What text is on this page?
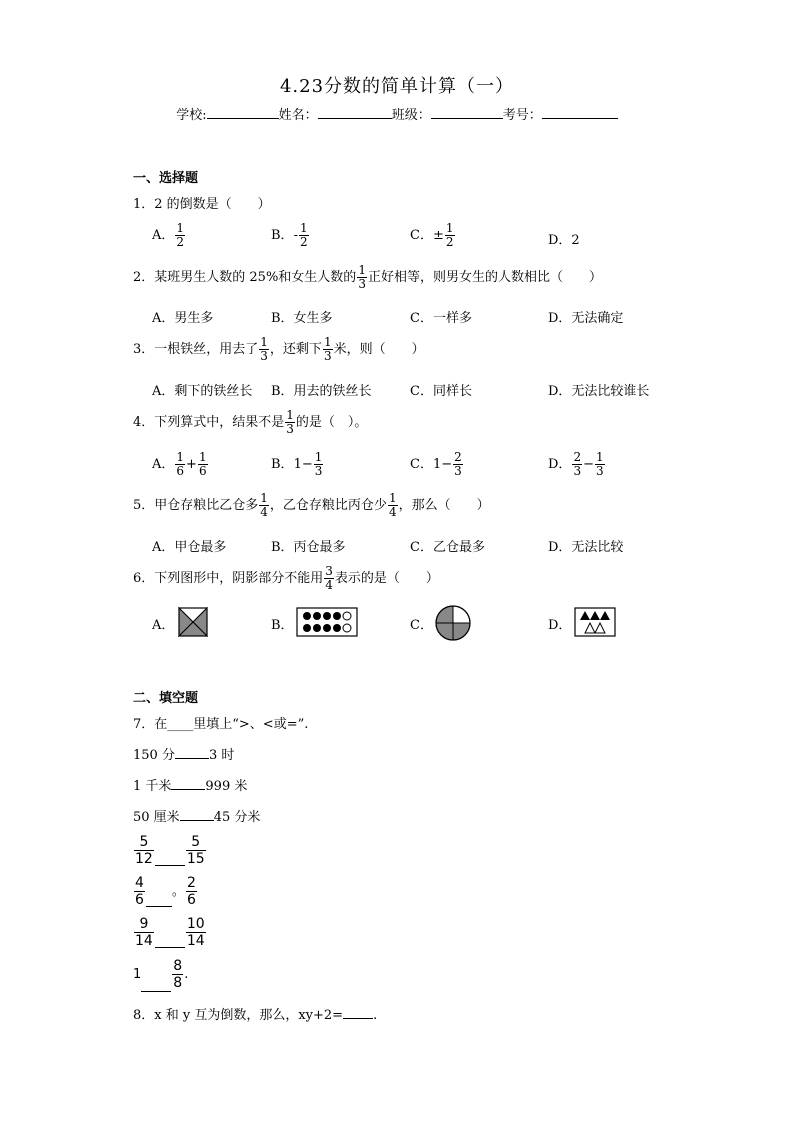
4.23分数的简单计算（一）
学校:	姓名：	班级：	考号：
一、选择题
1．2 的倒数是（　　）
A． $\frac{1}{2}$	B．- $\frac{1}{2}$	C．± $\frac{1}{2}$	D．2
2．某班男生人数的 25%和女生人数的 $\frac{1}{3}$ 正好相等，则男女生的人数相比（　　）
A．男生多	B．女生多	C．一样多	D．无法确定
3．一根铁丝，用去了 $\frac{1}{3}$ ，还剩下 $\frac{1}{3}$ 米，则（　　）
A．剩下的铁丝长 B．用去的铁丝长	C．同样长	D．无法比较谁长
4．下列算式中，结果不是 $\frac{1}{3}$ 的是（　）。
A． $\frac{1}{6} + \frac{1}{6}$	B．$1- \frac{1}{3}$	C．$1- \frac{2}{3}$	D． $\frac{2}{3} - \frac{1}{3}$
5．甲仓存粮比乙仓多 $\frac{1}{4}$ ，乙仓存粮比丙仓少 $\frac{1}{4}$ ，那么（　　）
A．甲仓最多	B．丙仓最多	C．乙仓最多	D．无法比较
6．下列图形中，阴影部分不能用 $\frac{3}{4}$ 表示的是（　　）
A．	B．	C．	D．
二、填空题
7．在____里填上“>、<或=”.
150 分	3 时
1 千米	999 米
50 厘米	45 分米
$\frac{5}{12} \frac{5}{15}$
$\frac{4}{6}$ 。 $\frac{2}{6}$
$\frac{9}{14} \frac{10}{14}$
$1 \frac{8}{8}$ .
8．x 和 y 互为倒数，那么，xy+2= .
